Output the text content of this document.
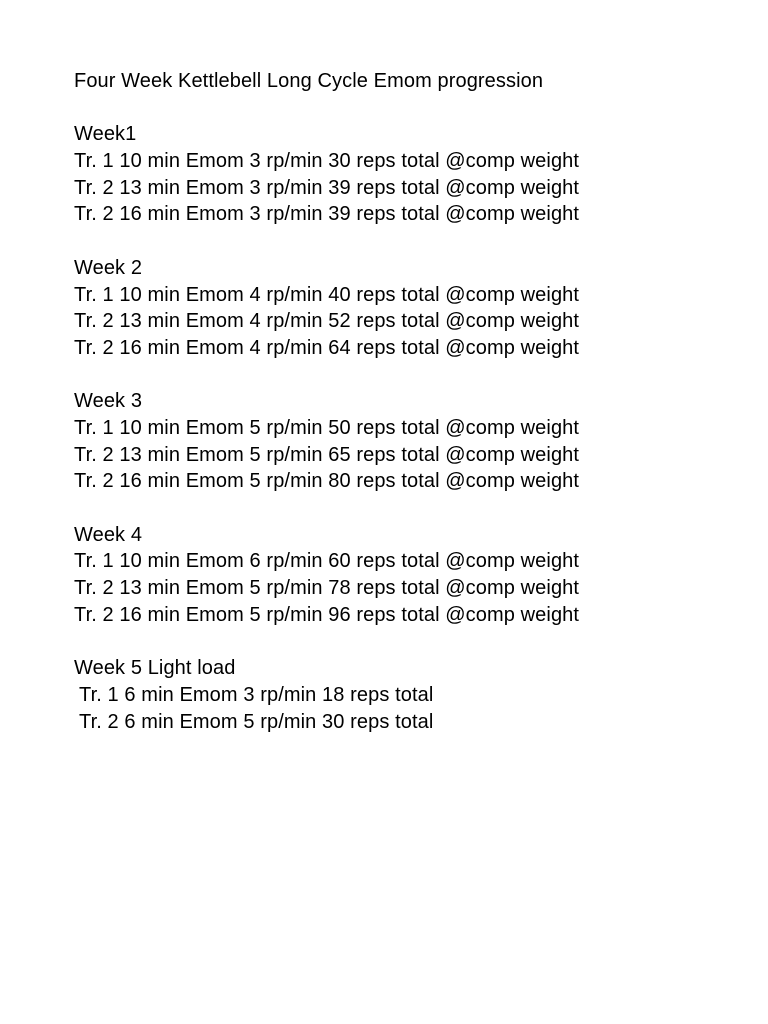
Four Week Kettlebell Long Cycle Emom progression
Week1
Tr. 1 10 min Emom 3 rp/min 30 reps total @comp weight
Tr. 2 13 min Emom 3 rp/min 39 reps total @comp weight
Tr. 2 16 min Emom 3 rp/min 39 reps total @comp weight
Week 2
Tr. 1 10 min Emom 4 rp/min 40 reps total @comp weight
Tr. 2 13 min Emom 4 rp/min 52 reps total @comp weight
Tr. 2 16 min Emom 4 rp/min 64 reps total @comp weight
Week 3
Tr. 1 10 min Emom 5 rp/min 50 reps total @comp weight
Tr. 2 13 min Emom 5 rp/min 65 reps total @comp weight
Tr. 2 16 min Emom 5 rp/min 80 reps total @comp weight
Week 4
Tr. 1 10 min Emom 6 rp/min 60 reps total @comp weight
Tr. 2 13 min Emom 5 rp/min 78 reps total @comp weight
Tr. 2 16 min Emom 5 rp/min 96 reps total @comp weight
Week 5 Light load
Tr. 1 6 min Emom 3 rp/min 18 reps total
Tr. 2 6 min Emom 5 rp/min 30 reps total
